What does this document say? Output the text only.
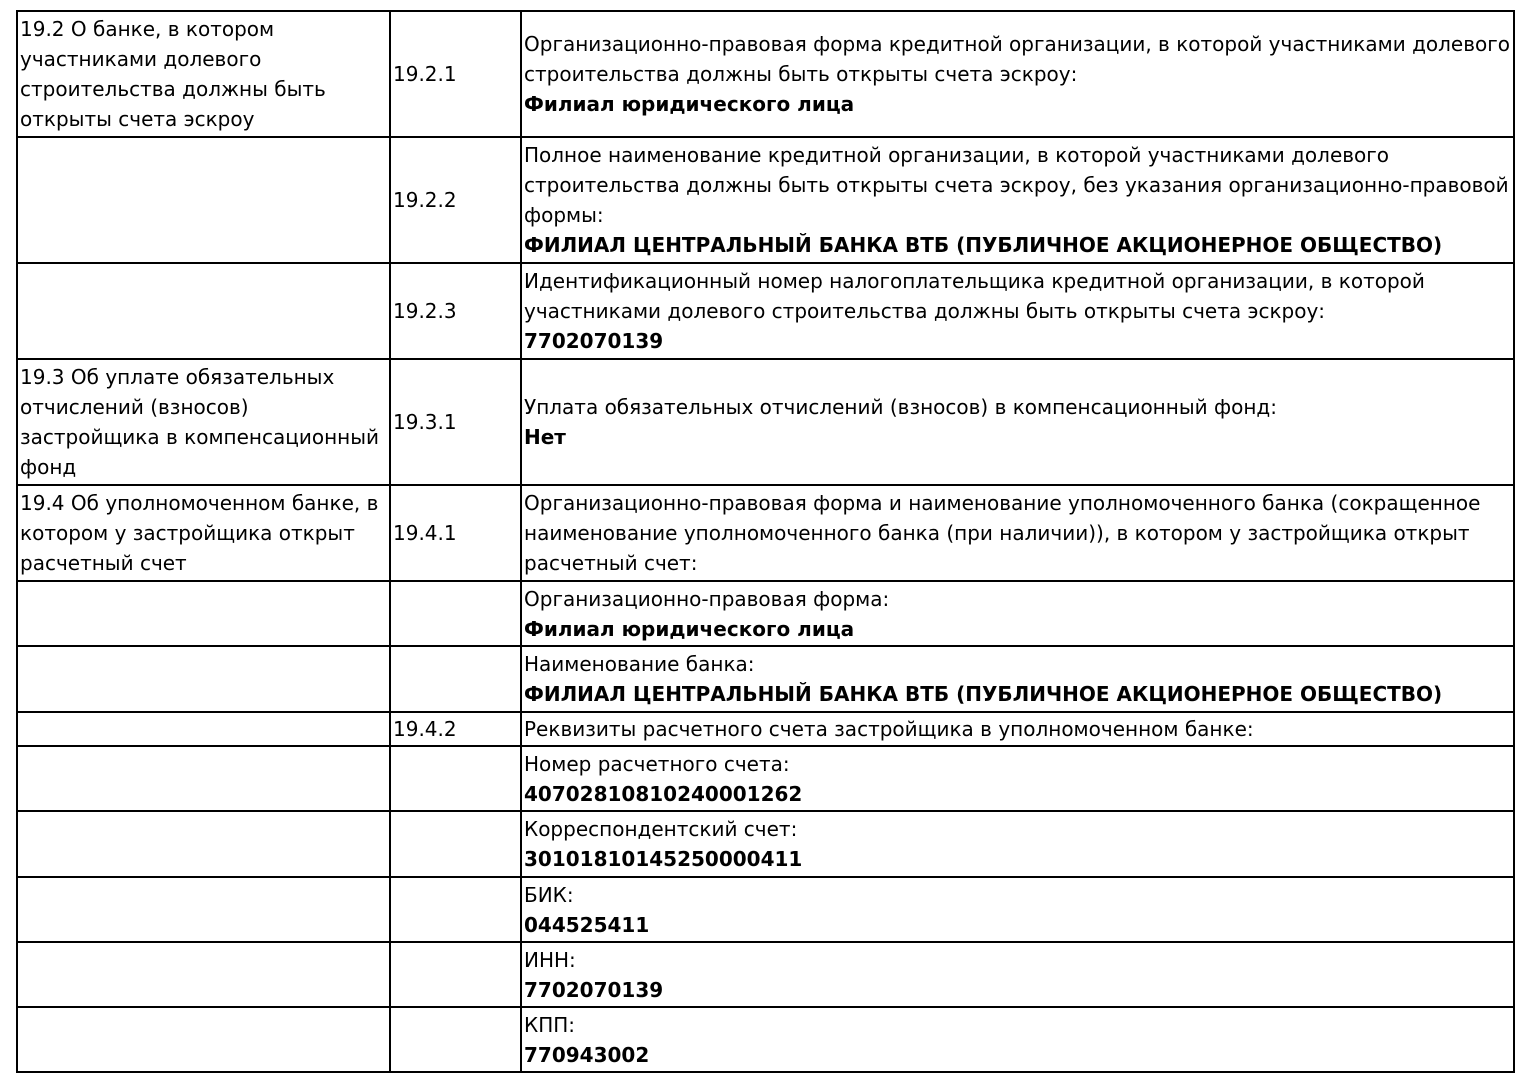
19.2 О банке, в котором участниками долевого строительства должны быть открыты счета эскроу	19.2.1	Организационно-правовая форма кредитной организации, в которой участниками долевого строительства должны быть открыты счета эскроу:
Филиал юридического лица

	19.2.2	Полное наименование кредитной организации, в которой участниками долевого строительства должны быть открыты счета эскроу, без указания организационно-правовой формы:
ФИЛИАЛ ЦЕНТРАЛЬНЫЙ БАНКА ВТБ (ПУБЛИЧНОЕ АКЦИОНЕРНОЕ ОБЩЕСТВО)

	19.2.3	Идентификационный номер налогоплательщика кредитной организации, в которой участниками долевого строительства должны быть открыты счета эскроу:
7702070139

19.3 Об уплате обязательных отчислений (взносов) застройщика в компенсационный фонд	19.3.1	Уплата обязательных отчислений (взносов) в компенсационный фонд:
Нет

19.4 Об уполномоченном банке, в котором у застройщика открыт расчетный счет	19.4.1	Организационно-правовая форма и наименование уполномоченного банка (сокращенное наименование уполномоченного банка (при наличии)), в котором у застройщика открыт расчетный счет:

		Организационно-правовая форма:
Филиал юридического лица

		Наименование банка:
ФИЛИАЛ ЦЕНТРАЛЬНЫЙ БАНКА ВТБ (ПУБЛИЧНОЕ АКЦИОНЕРНОЕ ОБЩЕСТВО)

	19.4.2	Реквизиты расчетного счета застройщика в уполномоченном банке:

		Номер расчетного счета:
40702810810240001262

		Корреспондентский счет:
30101810145250000411

		БИК:
044525411

		ИНН:
7702070139

		КПП:
770943002
